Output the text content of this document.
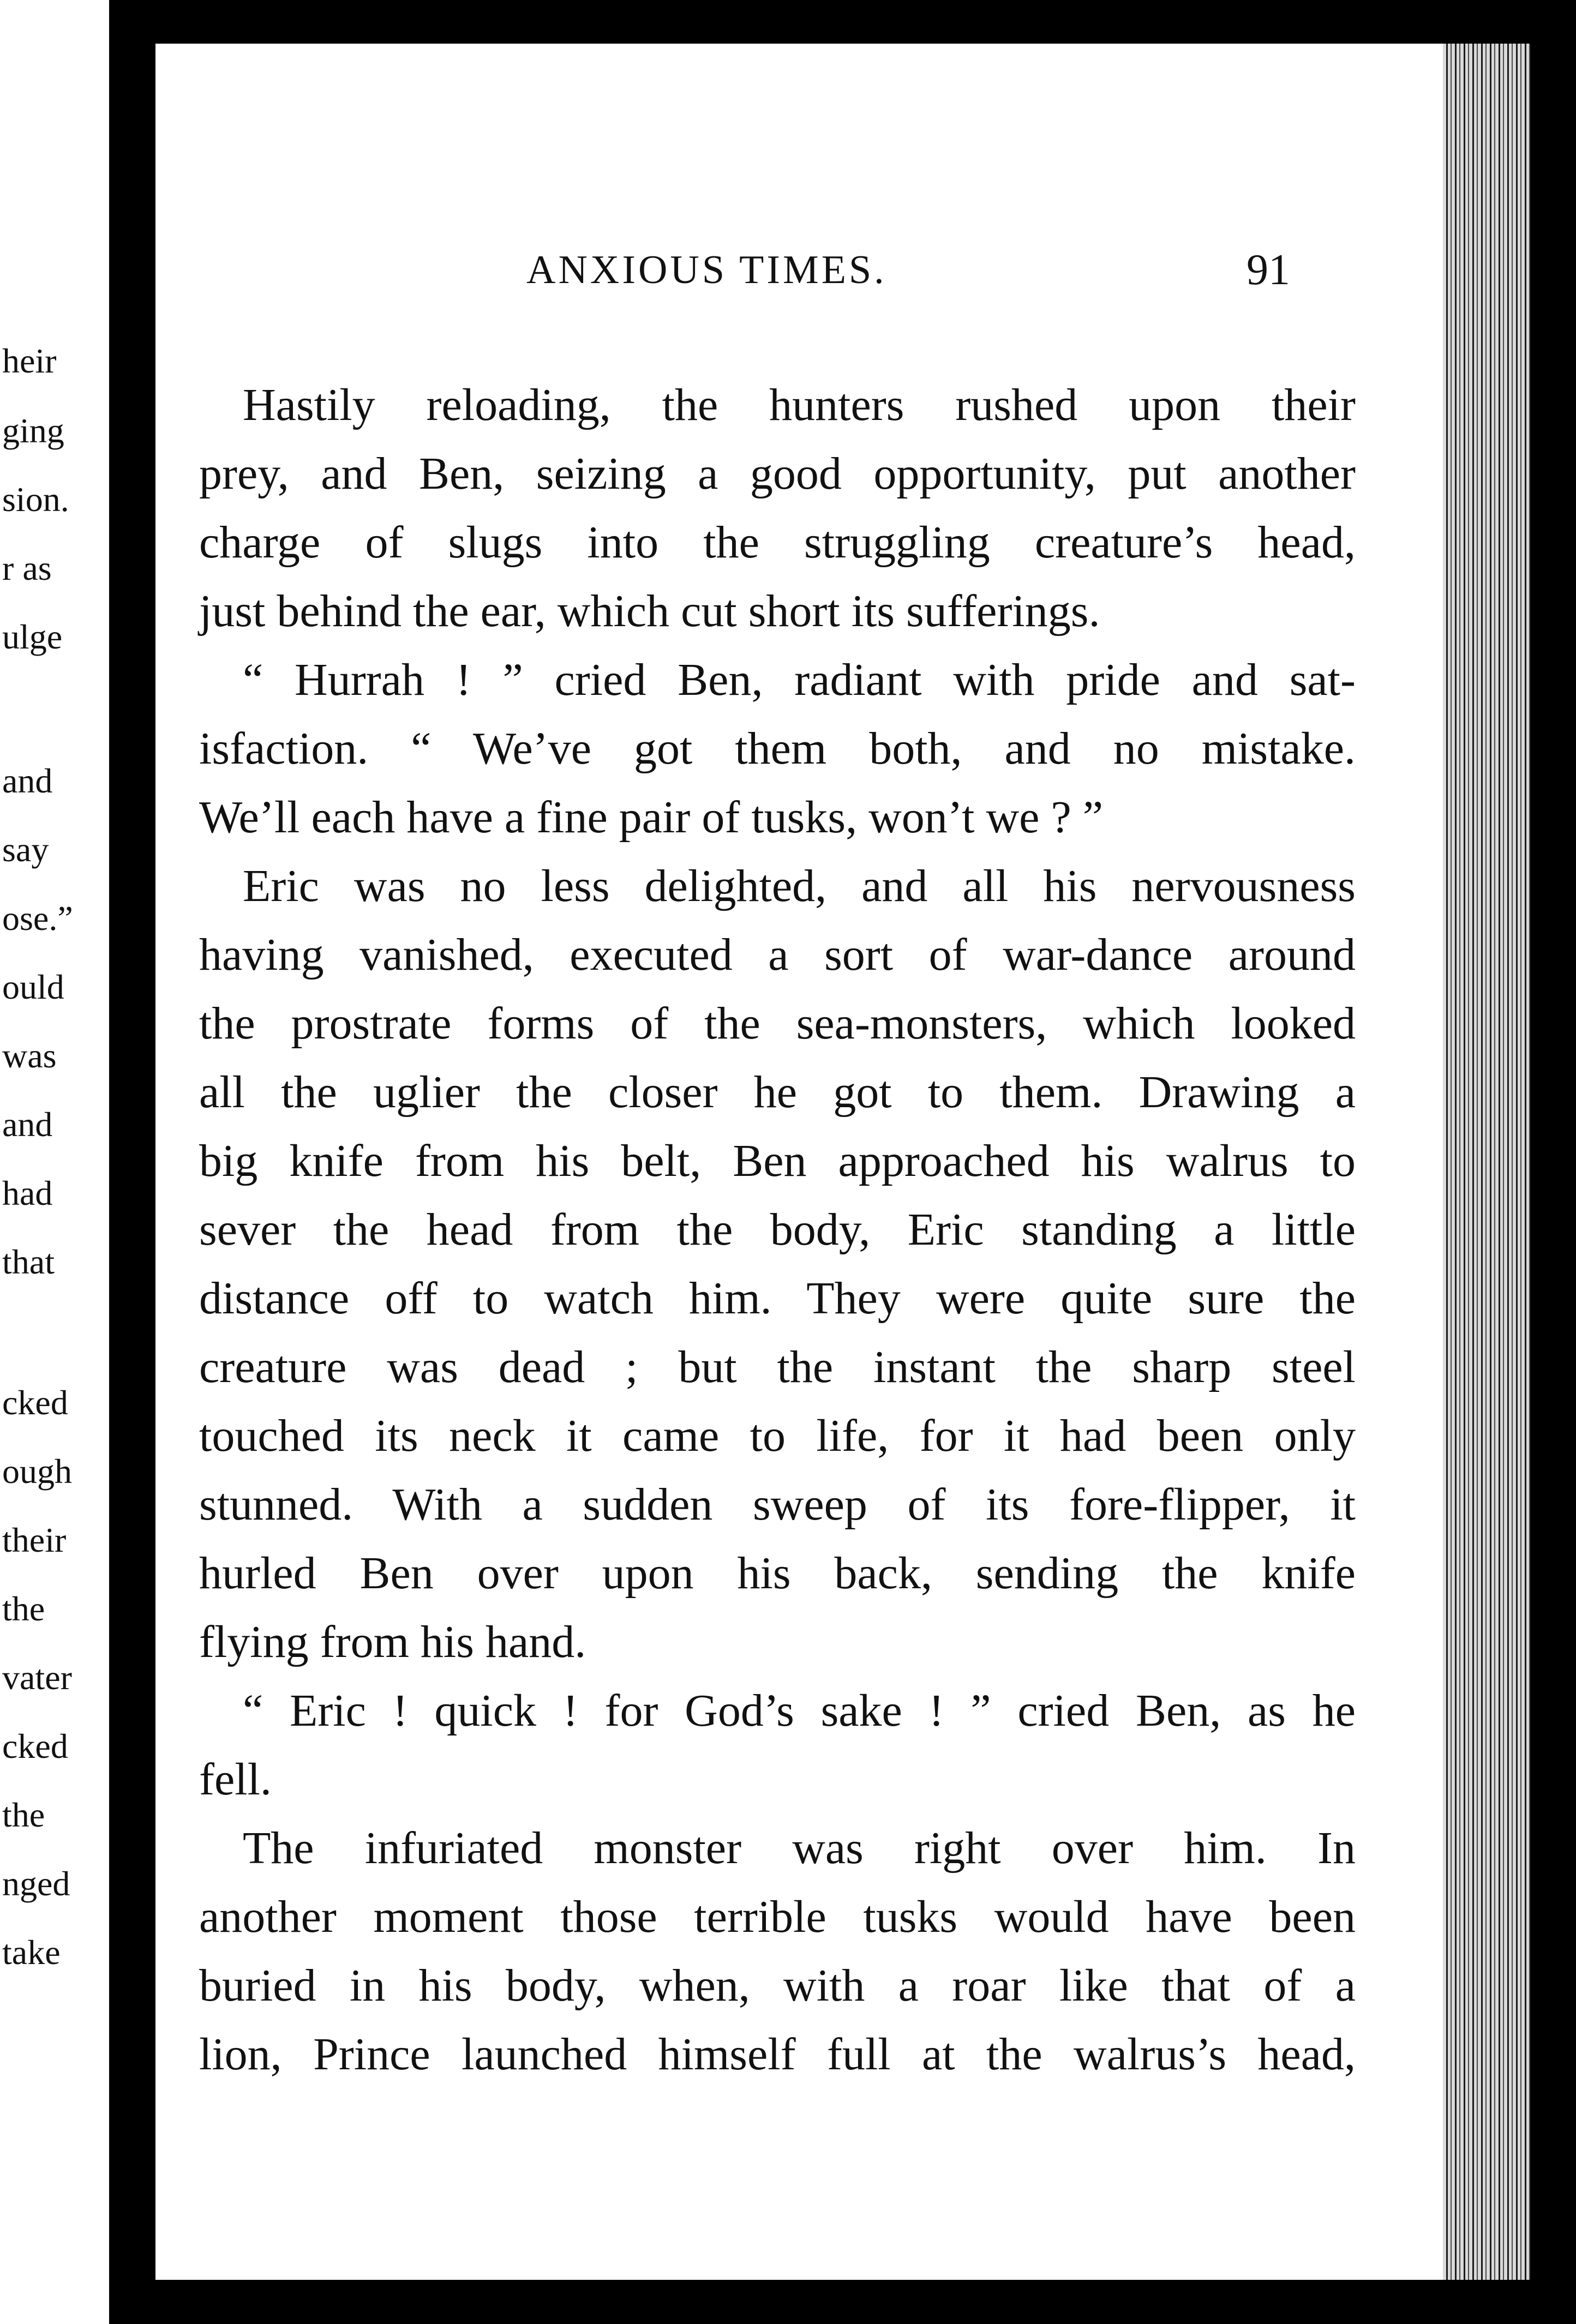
heir
ging
sion.
r as
ulge
and
say
ose.”
ould
was
and
had
that
cked
ough
their
the
vater
cked
the
nged
take
ANXIOUS TIMES.	91
Hastily reloading, the hunters rushed upon their
prey, and Ben, seizing a good opportunity, put another
charge of slugs into the struggling creature’s head,
just behind the ear, which cut short its sufferings.
“ Hurrah ! ” cried Ben, radiant with pride and sat-
isfaction. “ We’ve got them both, and no mistake.
We’ll each have a fine pair of tusks, won’t we ? ”
Eric was no less delighted, and all his nervousness
having vanished, executed a sort of war-dance around
the prostrate forms of the sea-monsters, which looked
all the uglier the closer he got to them. Drawing a
big knife from his belt, Ben approached his walrus to
sever the head from the body, Eric standing a little
distance off to watch him. They were quite sure the
creature was dead ; but the instant the sharp steel
touched its neck it came to life, for it had been only
stunned. With a sudden sweep of its fore-flipper, it
hurled Ben over upon his back, sending the knife
flying from his hand.
“ Eric ! quick ! for God’s sake ! ” cried Ben, as he
fell.
The infuriated monster was right over him. In
another moment those terrible tusks would have been
buried in his body, when, with a roar like that of a
lion, Prince launched himself full at the walrus’s head,
